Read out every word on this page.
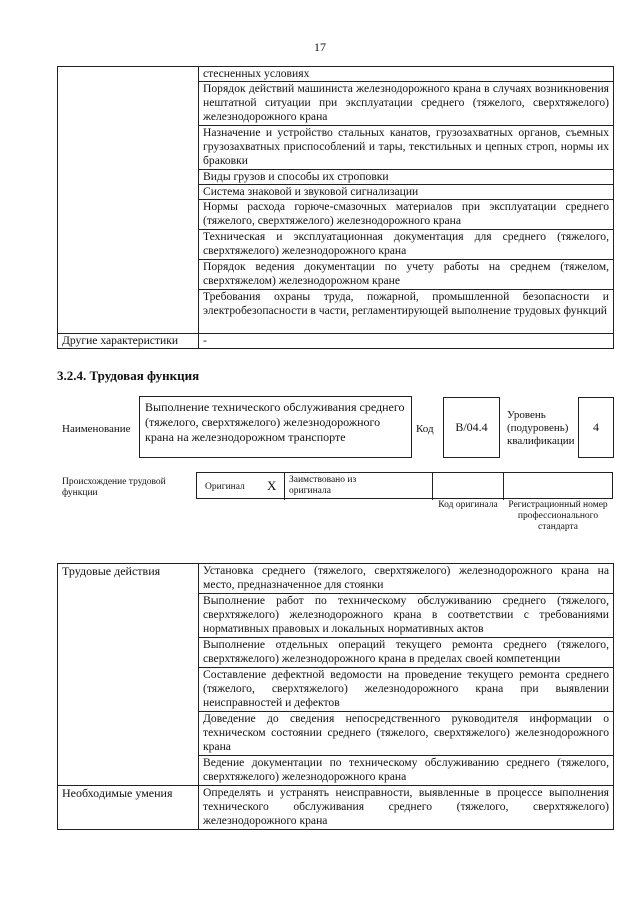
17
	стесненных условиях
	Порядок действий машиниста железнодорожного крана в случаях возникновения нештатной ситуации при эксплуатации среднего (тяжелого, сверхтяжелого) железнодорожного крана
	Назначение и устройство стальных канатов, грузозахватных органов, съемных грузозахватных приспособлений и тары, текстильных и цепных строп, нормы их браковки
	Виды грузов и способы их строповки
	Система знаковой и звуковой сигнализации
	Нормы расхода горюче-смазочных материалов при эксплуатации среднего (тяжелого, сверхтяжелого) железнодорожного крана
	Техническая и эксплуатационная документация для среднего (тяжелого, сверхтяжелого) железнодорожного крана
	Порядок ведения документации по учету работы на среднем (тяжелом, сверхтяжелом) железнодорожном кране
	Требования охраны труда, пожарной, промышленной безопасности и электробезопасности в части, регламентирующей выполнение трудовых функций
Другие характеристики	-
3.2.4. Трудовая функция
Наименование
Выполнение технического обслуживания среднего (тяжелого, сверхтяжелого) железнодорожного крана на железнодорожном транспорте
Код B/04.4
Уровень (подуровень) квалификации
4
Происхождение трудовой функции
Оригинал X Заимствовано из оригинала
Код оригинала Регистрационный номер профессионального стандарта
Трудовые действия	Установка среднего (тяжелого, сверхтяжелого) железнодорожного крана на место, предназначенное для стоянки
	Выполнение работ по техническому обслуживанию среднего (тяжелого, сверхтяжелого) железнодорожного крана в соответствии с требованиями нормативных правовых и локальных нормативных актов
	Выполнение отдельных операций текущего ремонта среднего (тяжелого, сверхтяжелого) железнодорожного крана в пределах своей компетенции
	Составление дефектной ведомости на проведение текущего ремонта среднего (тяжелого, сверхтяжелого) железнодорожного крана при выявлении неисправностей и дефектов
	Доведение до сведения непосредственного руководителя информации о техническом состоянии среднего (тяжелого, сверхтяжелого) железнодорожного крана
	Ведение документации по техническому обслуживанию среднего (тяжелого, сверхтяжелого) железнодорожного крана
Необходимые умения	Определять и устранять неисправности, выявленные в процессе выполнения технического обслуживания среднего (тяжелого, сверхтяжелого) железнодорожного крана
